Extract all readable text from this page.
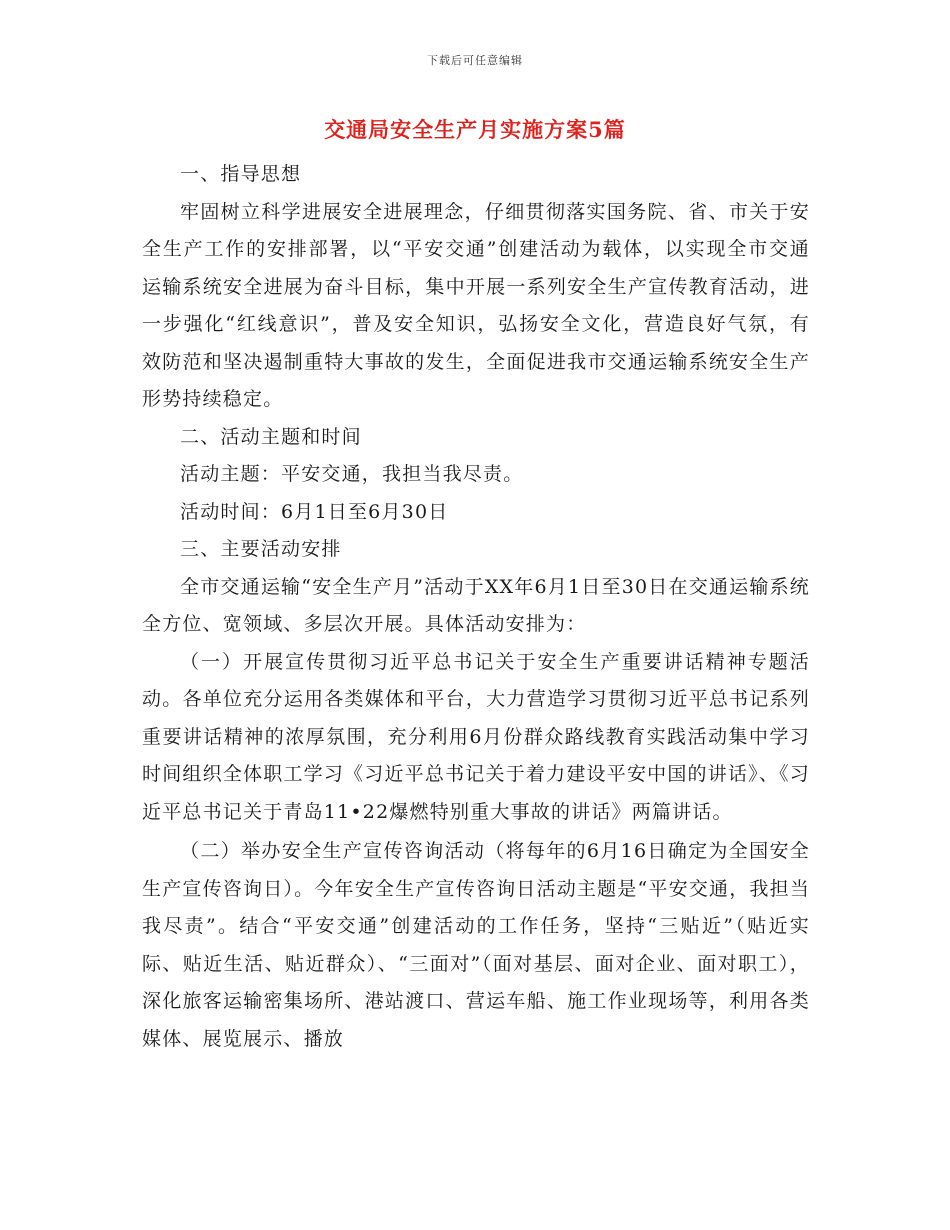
下载后可任意编辑
交通局安全生产月实施方案5篇

一、指导思想

牢固树立科学进展安全进展理念，仔细贯彻落实国务院、省、市关于安全生产工作的安排部署，以“平安交通”创建活动为载体，以实现全市交通运输系统安全进展为奋斗目标，集中开展一系列安全生产宣传教育活动，进一步强化“红线意识”，普及安全知识，弘扬安全文化，营造良好气氛，有效防范和坚决遏制重特大事故的发生，全面促进我市交通运输系统安全生产形势持续稳定。

二、活动主题和时间

活动主题：平安交通，我担当我尽责。

活动时间：6月1日至6月30日

三、主要活动安排

全市交通运输“安全生产月”活动于XX年6月1日至30日在交通运输系统全方位、宽领域、多层次开展。具体活动安排为：

（一）开展宣传贯彻习近平总书记关于安全生产重要讲话精神专题活动。各单位充分运用各类媒体和平台，大力营造学习贯彻习近平总书记系列重要讲话精神的浓厚氛围，充分利用6月份群众路线教育实践活动集中学习时间组织全体职工学习《习近平总书记关于着力建设平安中国的讲话》、《习近平总书记关于青岛11•22爆燃特别重大事故的讲话》两篇讲话。

（二）举办安全生产宣传咨询活动（将每年的6月16日确定为全国安全生产宣传咨询日）。今年安全生产宣传咨询日活动主题是“平安交通，我担当我尽责”。结合“平安交通”创建活动的工作任务，坚持“三贴近”（贴近实际、贴近生活、贴近群众）、“三面对”（面对基层、面对企业、面对职工），深化旅客运输密集场所、港站渡口、营运车船、施工作业现场等，利用各类媒体、展览展示、播放
